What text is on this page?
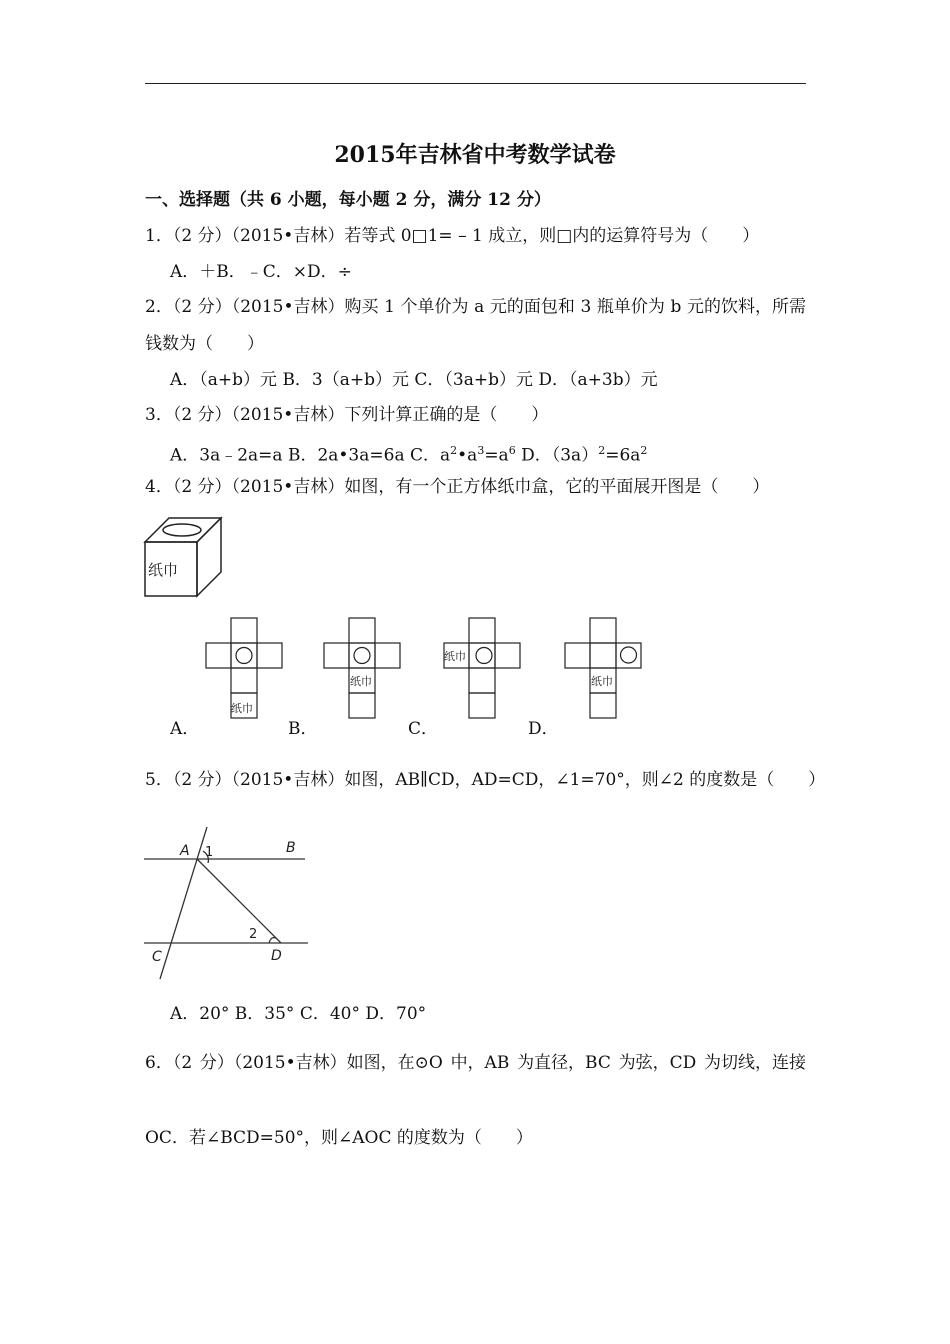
2015年吉林省中考数学试卷
一、选择题（共 6 小题，每小题 2 分，满分 12 分）
1．（2 分）（2015•吉林）若等式 0□1= – 1 成立，则□内的运算符号为（　　）
A．＋B．﹣C．×D．÷
2．（2 分）（2015•吉林）购买 1 个单价为 a 元的面包和 3 瓶单价为 b 元的饮料，所需
钱数为（　　）
A．（a+b）元 B．3（a+b）元 C．（3a+b）元 D．（a+3b）元
3．（2 分）（2015•吉林）下列计算正确的是（　　）
A．3a﹣2a=a B．2a•3a=6a C．$a^2•a^3=a^6$ D．$(3a)^2=6a^2$
4．（2 分）（2015•吉林）如图，有一个正方体纸巾盒，它的平面展开图是（　　）
纸巾
纸巾
A．
纸巾
B．
纸巾
C．
纸巾
D．
5．（2 分）（2015•吉林）如图，AB∥CD，AD=CD，∠1=70°，则∠2 的度数是（　　）
A	B
C	D
1
2
A．20° B．35° C．40° D．70°
6．（2 分）（2015•吉林）如图，在⊙O 中，AB 为直径，BC 为弦，CD 为切线，连接
OC．若∠BCD=50°，则∠AOC 的度数为（　　）
